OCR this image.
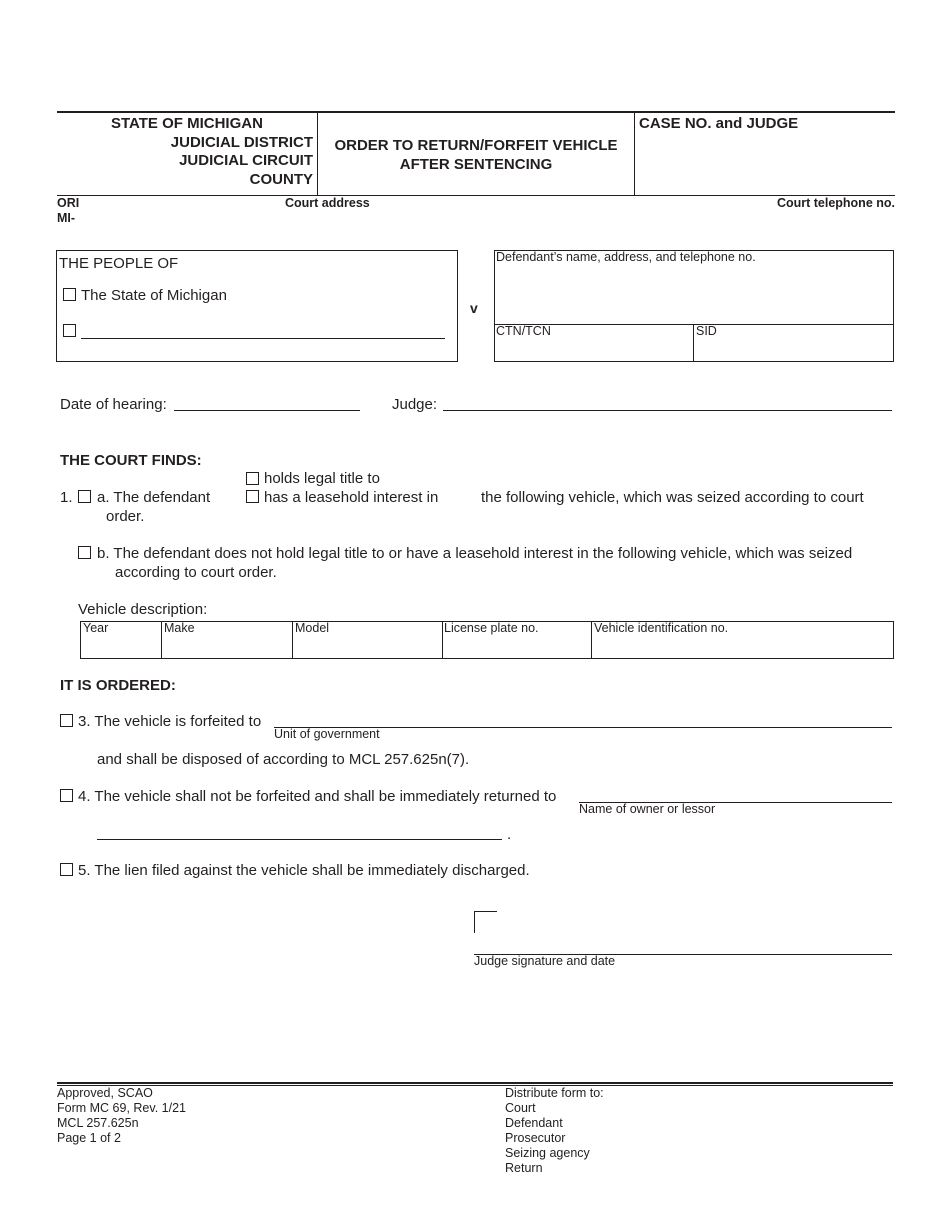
STATE OF MICHIGAN
JUDICIAL DISTRICT
JUDICIAL CIRCUIT
COUNTY
ORDER TO RETURN/FORFEIT VEHICLE
AFTER SENTENCING
CASE NO. and JUDGE
ORI
MI-
Court address	Court telephone no.
THE PEOPLE OF
The State of Michigan
v
Defendant’s name, address, and telephone no.
CTN/TCN	SID
Date of hearing:	Judge:
THE COURT FINDS:
holds legal title to
1. a. The defendant	has a leasehold interest in	the following vehicle, which was seized according to court
order.
b. The defendant does not hold legal title to or have a leasehold interest in the following vehicle, which was seized
according to court order.
Vehicle description:
Year	Make	Model	License plate no.	Vehicle identification no.
IT IS ORDERED:
3. The vehicle is forfeited to
Unit of government
and shall be disposed of according to MCL 257.625n(7).
4. The vehicle shall not be forfeited and shall be immediately returned to
Name of owner or lessor
.
5. The lien filed against the vehicle shall be immediately discharged.
Judge signature and date
Approved, SCAO
Form MC 69, Rev. 1/21
MCL 257.625n
Page 1 of 2
Distribute form to:
Court
Defendant
Prosecutor
Seizing agency
Return
